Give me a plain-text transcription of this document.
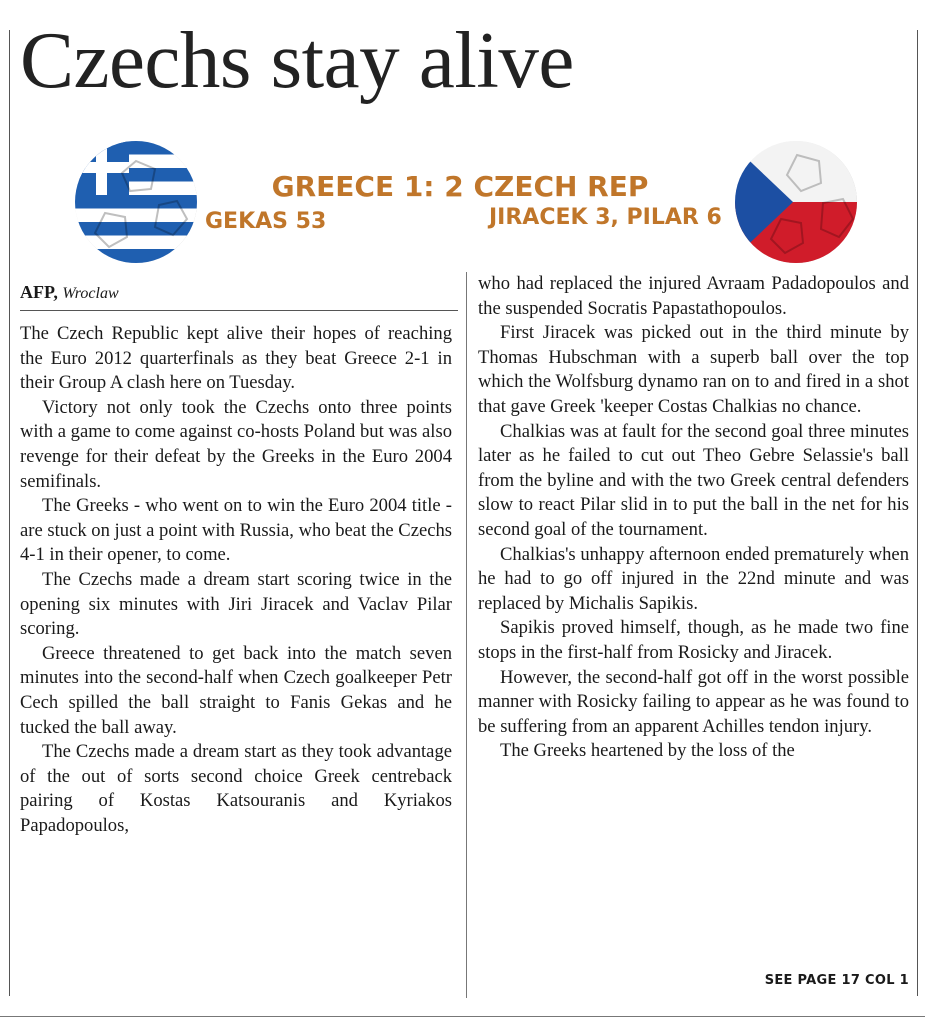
Czechs stay alive
GREECE 1: 2 CZECH REP
GEKAS 53	JIRACEK 3, PILAR 6
AFP, Wroclaw

The Czech Republic kept alive their hopes of reaching the Euro 2012 quarterfinals as they beat Greece 2-1 in their Group A clash here on Tuesday.

Victory not only took the Czechs onto three points with a game to come against co-hosts Poland but was also revenge for their defeat by the Greeks in the Euro 2004 semifinals.

The Greeks - who went on to win the Euro 2004 title - are stuck on just a point with Russia, who beat the Czechs 4-1 in their opener, to come.

The Czechs made a dream start scoring twice in the opening six minutes with Jiri Jiracek and Vaclav Pilar scoring.

Greece threatened to get back into the match seven minutes into the second-half when Czech goalkeeper Petr Cech spilled the ball straight to Fanis Gekas and he tucked the ball away.

The Czechs made a dream start as they took advantage of the out of sorts second choice Greek centreback pairing of Kostas Katsouranis and Kyriakos Papadopoulos,

who had replaced the injured Avraam Padadopoulos and the suspended Socratis Papastathopoulos.

First Jiracek was picked out in the third minute by Thomas Hubschman with a superb ball over the top which the Wolfsburg dynamo ran on to and fired in a shot that gave Greek 'keeper Costas Chalkias no chance.

Chalkias was at fault for the second goal three minutes later as he failed to cut out Theo Gebre Selassie's ball from the byline and with the two Greek central defenders slow to react Pilar slid in to put the ball in the net for his second goal of the tournament.

Chalkias's unhappy afternoon ended prematurely when he had to go off injured in the 22nd minute and was replaced by Michalis Sapikis.

Sapikis proved himself, though, as he made two fine stops in the first-half from Rosicky and Jiracek.

However, the second-half got off in the worst possible manner with Rosicky failing to appear as he was found to be suffering from an apparent Achilles tendon injury.

The Greeks heartened by the loss of the

SEE PAGE 17 COL 1
